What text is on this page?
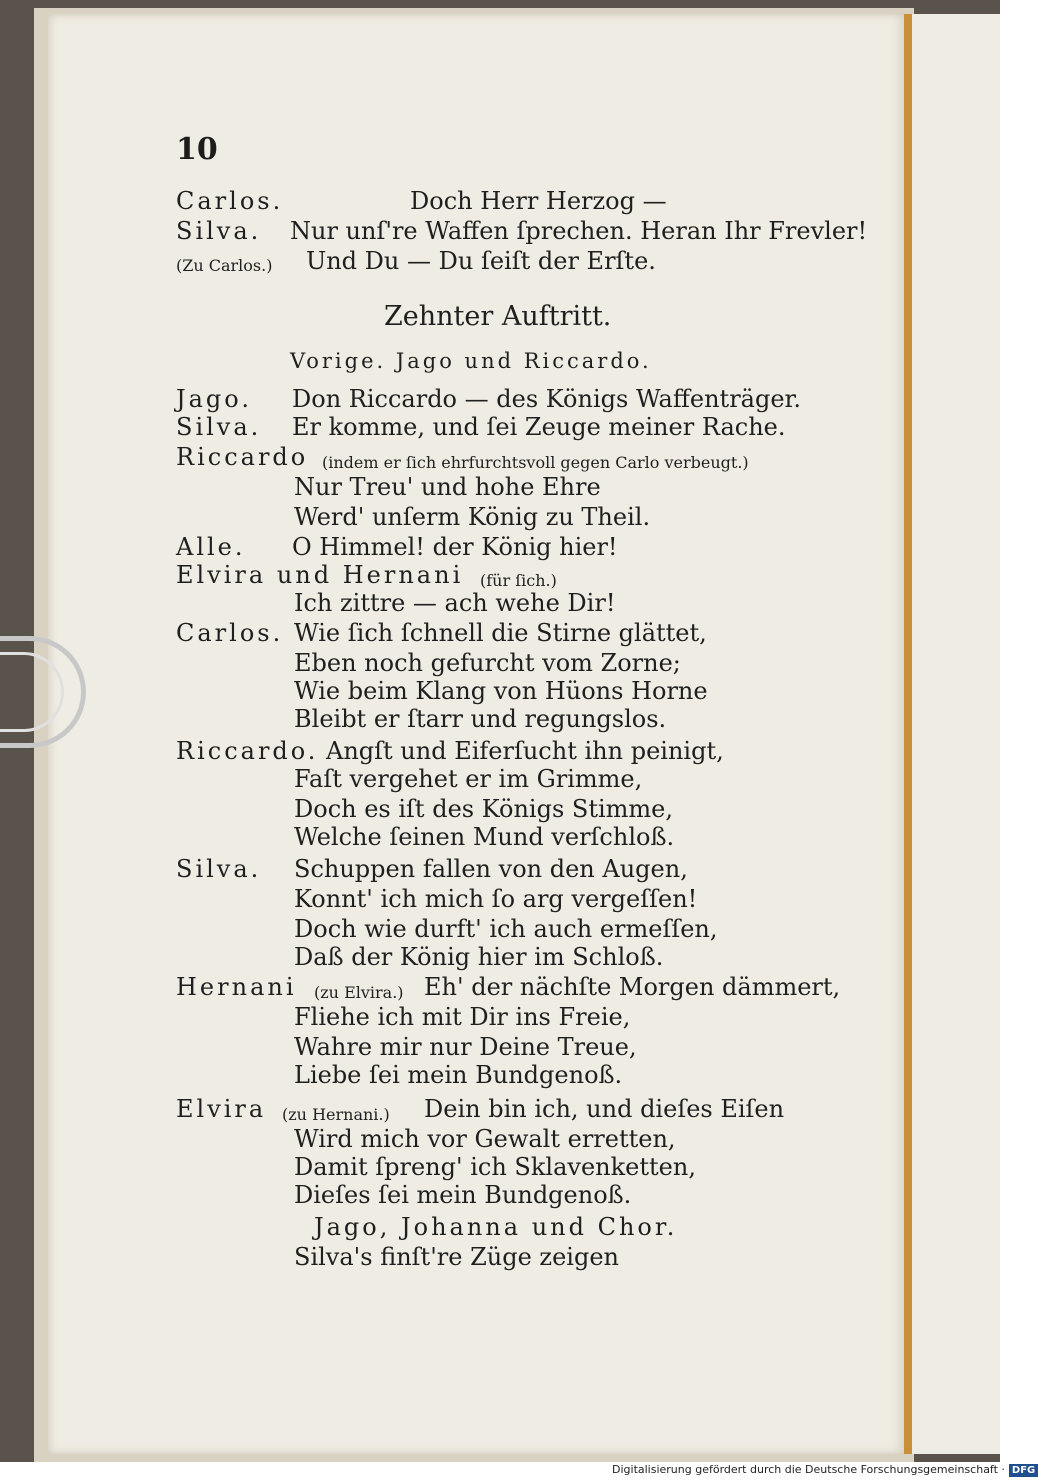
10
Carlos.	Doch Herr Herzog —
Silva. Nur unſ're Waffen ſprechen. Heran Ihr Frevler!
(Zu Carlos.) Und Du — Du ſeiſt der Erſte.
Zehnter Auftritt.
Vorige. Jago und Riccardo.
Jago. Don Riccardo — des Königs Waffenträger.
Silva. Er komme, und ſei Zeuge meiner Rache.
Riccardo (indem er ſich ehrfurchtsvoll gegen Carlo verbeugt.)
Nur Treu' und hohe Ehre
Werd' unſerm König zu Theil.
Alle. O Himmel! der König hier!
Elvira und Hernani (für ſich.)
Ich zittre — ach wehe Dir!
Carlos. Wie ſich ſchnell die Stirne glättet,
Eben noch gefurcht vom Zorne;
Wie beim Klang von Hüons Horne
Bleibt er ſtarr und regungslos.
Riccardo. Angſt und Eiferſucht ihn peinigt,
Faſt vergehet er im Grimme,
Doch es iſt des Königs Stimme,
Welche ſeinen Mund verſchloß.
Silva. Schuppen fallen von den Augen,
Konnt' ich mich ſo arg vergeſſen!
Doch wie durft' ich auch ermeſſen,
Daß der König hier im Schloß.
Hernani (zu Elvira.) Eh' der nächſte Morgen dämmert,
Fliehe ich mit Dir ins Freie,
Wahre mir nur Deine Treue,
Liebe ſei mein Bundgenoß.
Elvira (zu Hernani.) Dein bin ich, und dieſes Eiſen
Wird mich vor Gewalt erretten,
Damit ſpreng' ich Sklavenketten,
Dieſes ſei mein Bundgenoß.
Jago, Johanna und Chor.
Silva's finſt're Züge zeigen
Digitalisierung gefördert durch die Deutsche Forschungsgemeinschaft · DFG
